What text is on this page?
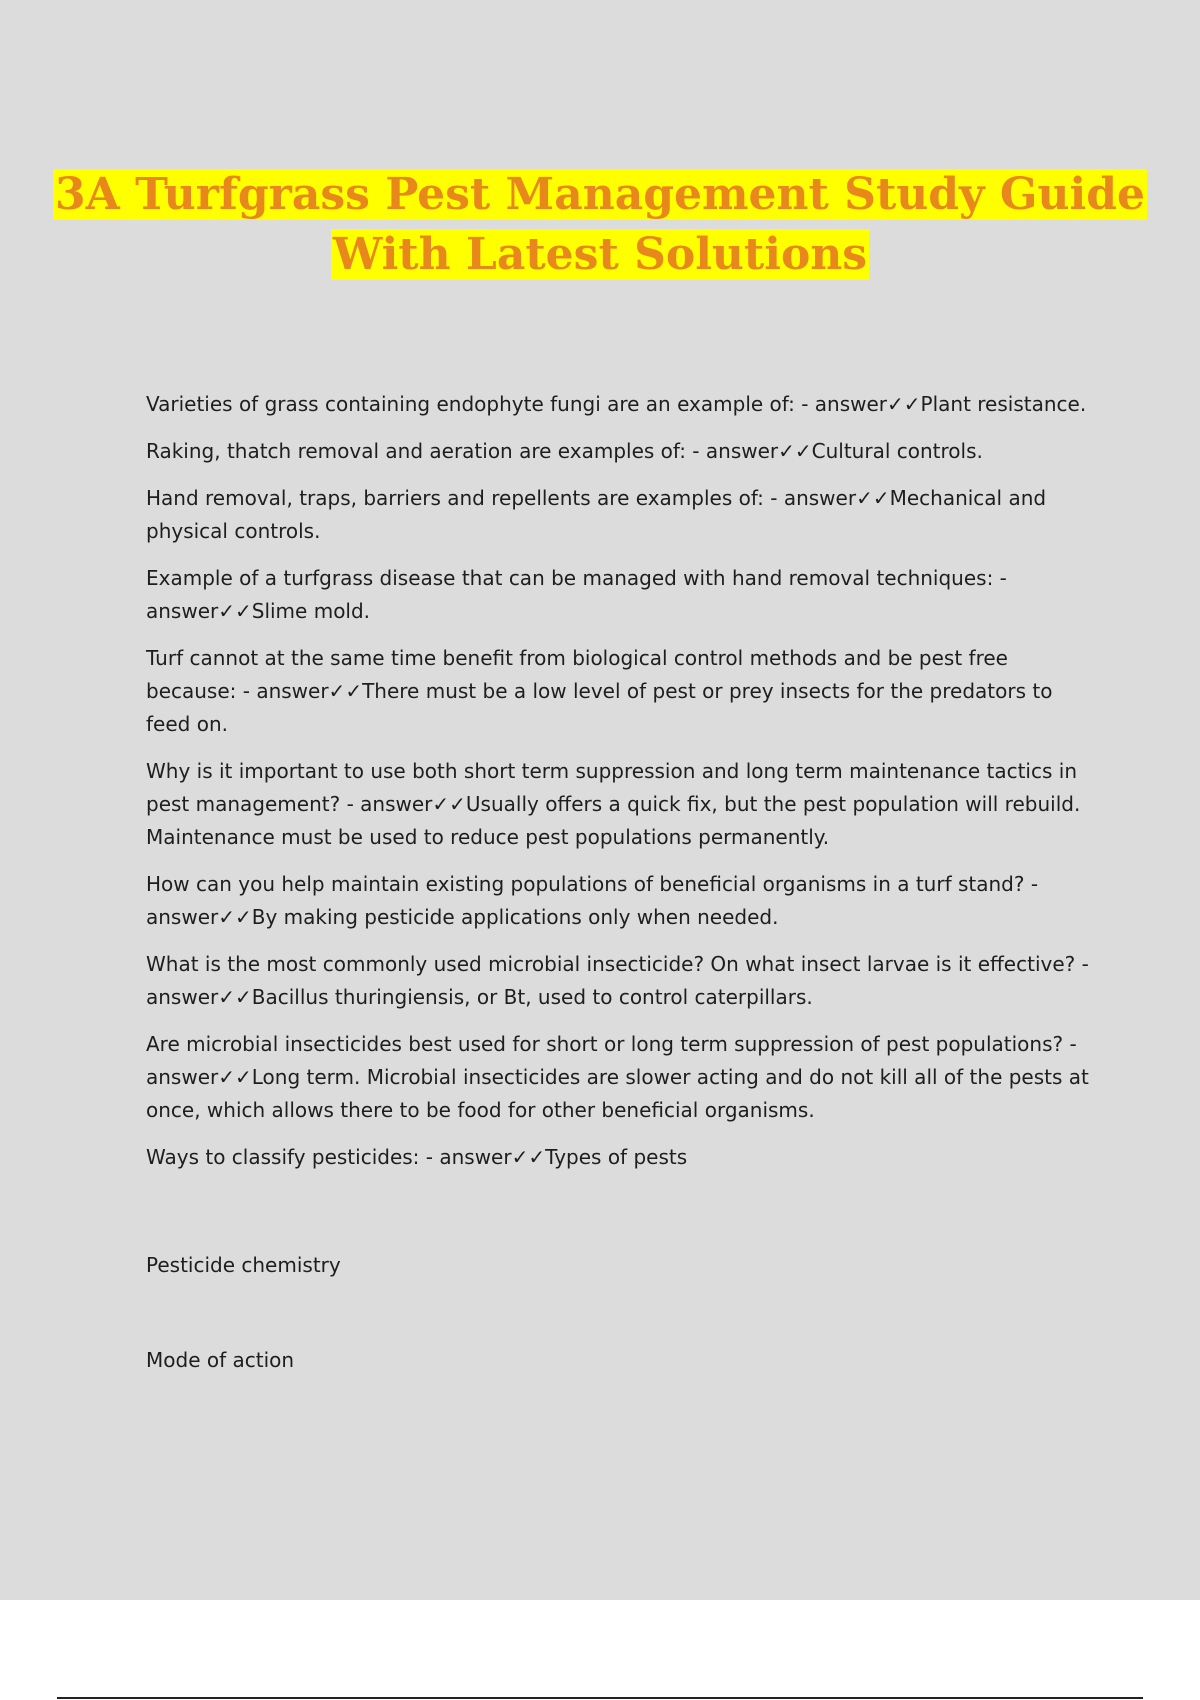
3A Turfgrass Pest Management Study Guide
With Latest Solutions

Varieties of grass containing endophyte fungi are an example of: - answer✓✓Plant resistance.

Raking, thatch removal and aeration are examples of: - answer✓✓Cultural controls.

Hand removal, traps, barriers and repellents are examples of: - answer✓✓Mechanical and physical controls.

Example of a turfgrass disease that can be managed with hand removal techniques: - answer✓✓Slime mold.

Turf cannot at the same time benefit from biological control methods and be pest free because: - answer✓✓There must be a low level of pest or prey insects for the predators to feed on.

Why is it important to use both short term suppression and long term maintenance tactics in pest management? - answer✓✓Usually offers a quick fix, but the pest population will rebuild. Maintenance must be used to reduce pest populations permanently.

How can you help maintain existing populations of beneficial organisms in a turf stand? - answer✓✓By making pesticide applications only when needed.

What is the most commonly used microbial insecticide? On what insect larvae is it effective? - answer✓✓Bacillus thuringiensis, or Bt, used to control caterpillars.

Are microbial insecticides best used for short or long term suppression of pest populations? - answer✓✓Long term. Microbial insecticides are slower acting and do not kill all of the pests at once, which allows there to be food for other beneficial organisms.

Ways to classify pesticides: - answer✓✓Types of pests

Pesticide chemistry

Mode of action
